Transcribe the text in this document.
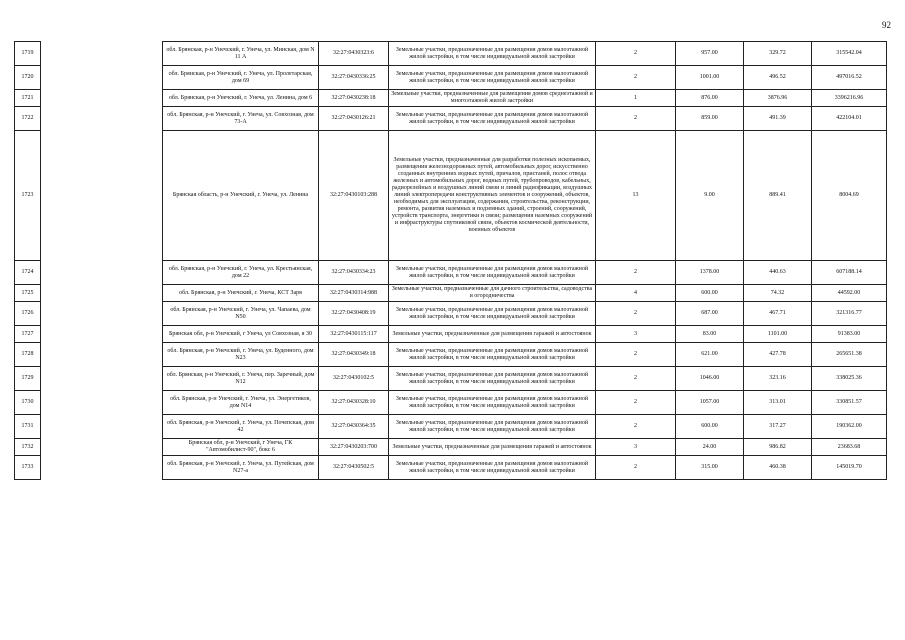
92
1719		обл. Брянская, р-н Унечский, г. Унеча, ул. Минская, дом N 11 А	32:27:0430323:6	Земельные участки, предназначенные для размещения домов малоэтажной жилой застройки, в том числе индивидуальной жилой застройки	2	957.00	329.72	315542.04
1720		обл. Брянская, р-н Унечский, г. Унеча, ул. Пролетарская, дом 69	32:27:0430336:25	Земельные участки, предназначенные для размещения домов малоэтажной жилой застройки, в том числе индивидуальной жилой застройки	2	1001.00	496.52	497016.52
1721		обл. Брянская, р-н Унечский, г. Унеча, ул. Ленина, дом 6	32:27:0430238:18	Земельные участки, предназначенные для размещения домов среднеэтажной и многоэтажной жилой застройки	1	876.00	3876.96	3396216.96
1722		обл. Брянская, р-н Унечский, г. Унеча, ул. Совхозная, дом 73-А	32:27:0430126:21	Земельные участки, предназначенные для размещения домов малоэтажной жилой застройки, в том числе индивидуальной жилой застройки	2	859.00	491.39	422104.01
1723		Брянская область, р-н Унечский, г. Унеча, ул. Ленина	32:27:0430103:288	Земельные участки, предназначенные для разработки полезных ископаемых, размещения железнодорожных путей, автомобильных дорог, искусственно созданных внутренних водных путей, причалов, пристаней, полос отвода железных и автомобильных дорог, водных путей, трубопроводов, кабельных, радиорелейных и воздушных линий связи и линий радиофикации, воздушных линий электропередачи конструктивных элементов и сооружений, объектов, необходимых для эксплуатации, содержания, строительства, реконструкции, ремонта, развития наземных и подземных зданий, строений, сооружений, устройств транспорта, энергетики и связи; размещения наземных сооружений и инфраструктуры спутниковой связи, объектов космической деятельности, военных объектов	13	9.00	889.41	8004.69
1724		обл. Брянская, р-н Унечский, г. Унеча, ул. Крестьянская, дом 22	32:27:0430334:23	Земельные участки, предназначенные для размещения домов малоэтажной жилой застройки, в том числе индивидуальной жилой застройки	2	1378.00	440.63	607188.14
1725		обл. Брянская, р-н Унечский, г. Унеча, КСТ Заря	32:27:0430314:988	Земельные участки, предназначенные для дачного строительства, садоводства и огородничества	4	600.00	74.32	44592.00
1726		обл. Брянская, р-н Унечский, г. Унеча, ул. Чапаева, дом N50	32:27:0430408:19	Земельные участки, предназначенные для размещения домов малоэтажной жилой застройки, в том числе индивидуальной жилой застройки	2	687.00	467.71	321316.77
1727		Брянская обл, р-н Унечский, г Унеча, ул Совхозная, я 30	32:27:0430115:117	Земельные участки, предназначенные для размещения гаражей и автостоянок	3	83.00	1101.00	91383.00
1728		обл. Брянская, р-н Унечский, г. Унеча, ул. Буденного, дом N23	32:27:0430349:18	Земельные участки, предназначенные для размещения домов малоэтажной жилой застройки, в том числе индивидуальной жилой застройки	2	621.00	427.78	265651.38
1729		обл. Брянская, р-н Унечский, г. Унеча, пер. Заречный, дом N12	32:27:0430102:5	Земельные участки, предназначенные для размещения домов малоэтажной жилой застройки, в том числе индивидуальной жилой застройки	2	1046.00	323.16	338025.36
1730		обл. Брянская, р-н Унечский, г. Унеча, ул. Энергетиков, дом N14	32:27:0430328:10	Земельные участки, предназначенные для размещения домов малоэтажной жилой застройки, в том числе индивидуальной жилой застройки	2	1057.00	313.01	330851.57
1731		обл. Брянская, р-н Унечский, г. Унеча, ул. Почепская, дом 42	32:27:0430364:35	Земельные участки, предназначенные для размещения домов малоэтажной жилой застройки, в том числе индивидуальной жилой застройки	2	600.00	317.27	190362.00
1732		Брянская обл, р-н Унечский, г Унеча, ГК "Автомобилист-90", бокс 6	32:27:0430203:700	Земельные участки, предназначенные для размещения гаражей и автостоянок	3	24.00	986.82	23683.68
1733		обл. Брянская, р-н Унечский, г. Унеча, ул. Путейская, дом N27-а	32:27:0430502:5	Земельные участки, предназначенные для размещения домов малоэтажной жилой застройки, в том числе индивидуальной жилой застройки	2	315.00	460.38	145019.70
